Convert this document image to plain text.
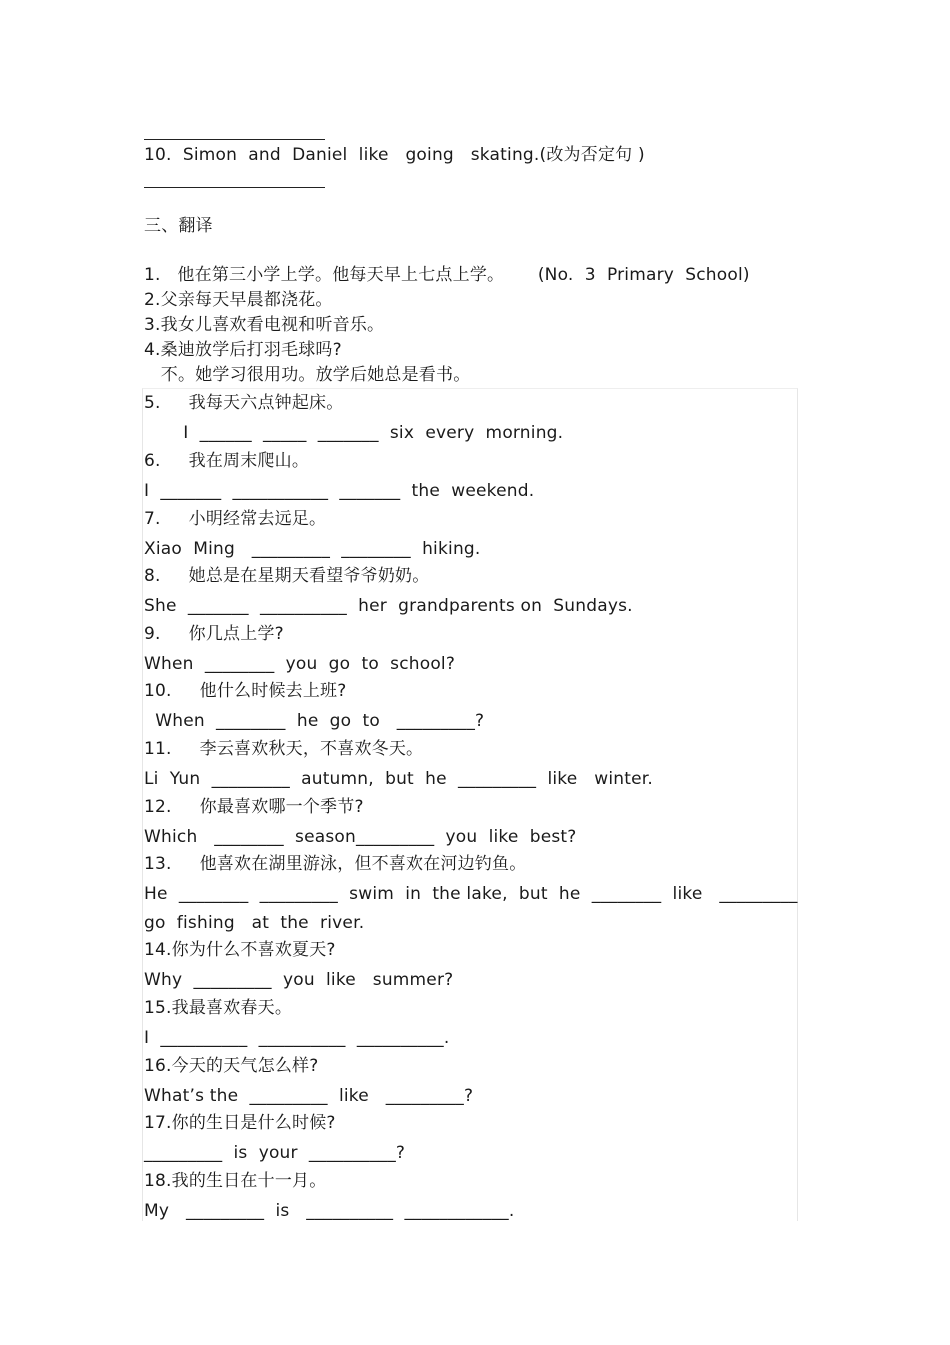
10.  Simon  and  Daniel  like   going   skating.(改为否定句 )
三、翻译
1.   他在第三小学上学。他每天早上七点上学。      (No.  3  Primary  School)
2.父亲每天早晨都浇花。
3.我女儿喜欢看电视和听音乐。
4.桑迪放学后打羽毛球吗?
不。她学习很用功。放学后她总是看书。
5.     我每天六点钟起床。
I  ______  _____  _______  six  every  morning.
6.     我在周末爬山。
I  _______  ___________  _______  the  weekend.
7.     小明经常去远足。
Xiao  Ming   _________  ________  hiking.
8.     她总是在星期天看望爷爷奶奶。
She  _______  __________  her  grandparents on  Sundays.
9.     你几点上学?
When  ________  you  go  to  school?
10.     他什么时候去上班?
When  ________  he  go  to   _________?
11.     李云喜欢秋天，不喜欢冬天。
Li  Yun  _________  autumn,  but  he  _________  like   winter.
12.     你最喜欢哪一个季节?
Which   ________  season_________  you  like  best?
13.     他喜欢在湖里游泳，但不喜欢在河边钓鱼。
He  ________  _________  swim  in  the lake,  but  he  ________  like   _________
go  fishing   at  the  river.
14.你为什么不喜欢夏天?
Why  _________  you  like   summer?
15.我最喜欢春天。
I  __________  __________  __________.
16.今天的天气怎么样?
What’s the  _________  like   _________?
17.你的生日是什么时候?
_________  is  your  __________?
18.我的生日在十一月。
My   _________  is   __________  ____________.
